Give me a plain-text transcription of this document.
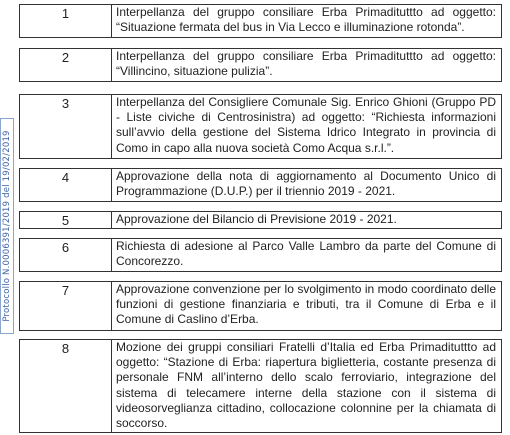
Protocollo N.0006391/2019 del 19/02/2019
1	Interpellanza del gruppo consiliare Erba Primadituttto ad oggetto: “Situazione fermata del bus in Via Lecco e illuminazione rotonda”.
2	Interpellanza del gruppo consiliare Erba Primadituttto ad oggetto: “Villincino, situazione pulizia”.
3	Interpellanza del Consigliere Comunale Sig. Enrico Ghioni (Gruppo PD - Liste civiche di Centrosinistra) ad oggetto: “Richiesta informazioni sull’avvio della gestione del Sistema Idrico Integrato in provincia di Como in capo alla nuova società Como Acqua s.r.l.”.
4	Approvazione della nota di aggiornamento al Documento Unico di Programmazione (D.U.P.) per il triennio 2019 - 2021.
5	Approvazione del Bilancio di Previsione 2019 - 2021.
6	Richiesta di adesione al Parco Valle Lambro da parte del Comune di Concorezzo.
7	Approvazione convenzione per lo svolgimento in modo coordinato delle funzioni di gestione finanziaria e tributi, tra il Comune di Erba e il Comune di Caslino d’Erba.
8	Mozione dei gruppi consiliari Fratelli d’Italia ed Erba Primadituttto ad oggetto: “Stazione di Erba: riapertura biglietteria, costante presenza di personale FNM all’interno dello scalo ferroviario, integrazione del sistema di telecamere interne della stazione con il sistema di videosorveglianza cittadino, collocazione colonnine per la chiamata di soccorso.
